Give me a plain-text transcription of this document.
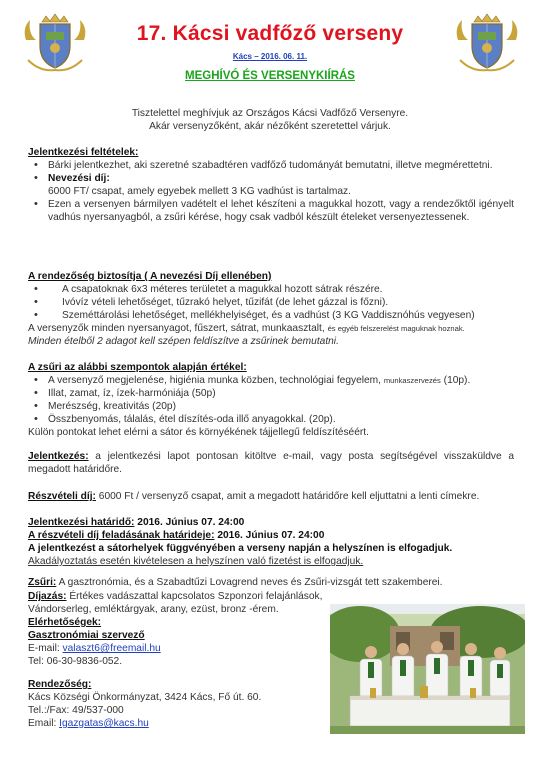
17. Kácsi vadfőző verseny
Kács – 2016. 06. 11.
MEGHÍVÓ ÉS VERSENYKIÍRÁS
Tisztelettel meghívjuk az Országos Kácsi Vadfőző Versenyre.
Akár versenyzőként, akár nézőként szeretettel várjuk.
Jelentkezési feltételek:
• Bárki jelentkezhet, aki szeretné szabadtéren vadfőző tudományát bemutatni, illetve megmérettetni.
• Nevezési díj:
6000 FT/ csapat, amely egyebek mellett 3 KG vadhúst is tartalmaz.
• Ezen a versenyen bármilyen vadételt el lehet készíteni a magukkal hozott, vagy a rendezőktől igényelt vadhús nyersanyagból, a zsűri kérése, hogy csak vadból készült ételeket versenyeztessenek.
A rendezőség biztosítja ( A nevezési Díj ellenében)
• A csapatoknak 6x3 méteres területet a magukkal hozott sátrak részére.
• Ivóvíz vételi lehetőséget, tűzrakó helyet, tűzifát (de lehet gázzal is főzni).
• Szeméttárolási lehetőséget, mellékhelyiséget, és a vadhúst (3 KG Vaddisznóhús vegyesen)
A versenyzők minden nyersanyagot, fűszert, sátrat, munkaasztalt, és egyéb felszerelést maguknak hoznak.
Minden ételből 2 adagot kell szépen feldíszítve a zsűrinek bemutatni.
A zsűri az alábbi szempontok alapján értékel:
• A versenyző megjelenése, higiénia munka közben, technológiai fegyelem, munkaszervezés (10p).
• Illat, zamat, íz, ízek-harmóniája (50p)
• Merészség, kreativitás (20p)
• Összbenyomás, tálalás, étel díszítés-oda illő anyagokkal. (20p).
Külön pontokat lehet elérni a sátor és környékének tájjellegű feldíszítéséért.
Jelentkezés: a jelentkezési lapot pontosan kitöltve e-mail, vagy posta segítségével visszaküldve a megadott határidőre.
Részvételi díj: 6000 Ft / versenyző csapat, amit a megadott határidőre kell eljuttatni a lenti címekre.
Jelentkezési határidő: 2016. Június 07. 24:00
A részvételi díj feladásának határideje: 2016. Június 07. 24:00
A jelentkezést a sátorhelyek függvényében a verseny napján a helyszínen is elfogadjuk.
Akadályoztatás esetén kivételesen a helyszínen való fizetést is elfogadjuk.
Zsűri: A gasztronómia, és a Szabadtűzi Lovagrend neves és Zsűri-vizsgát tett szakemberei.
Díjazás: Értékes vadászattal kapcsolatos Szponzori felajánlások,
Vándorserleg, emléktárgyak, arany, ezüst, bronz -érem.
Elérhetőségek:
Gasztronómiai szervező
E-mail: valaszt6@freemail.hu
Tel: 06-30-9836-052.
Rendezőség:
Kács Községi Önkormányzat, 3424 Kács, Fő út. 60.
Tel.:/Fax: 49/537-000
Email: Igazgatas@kacs.hu
